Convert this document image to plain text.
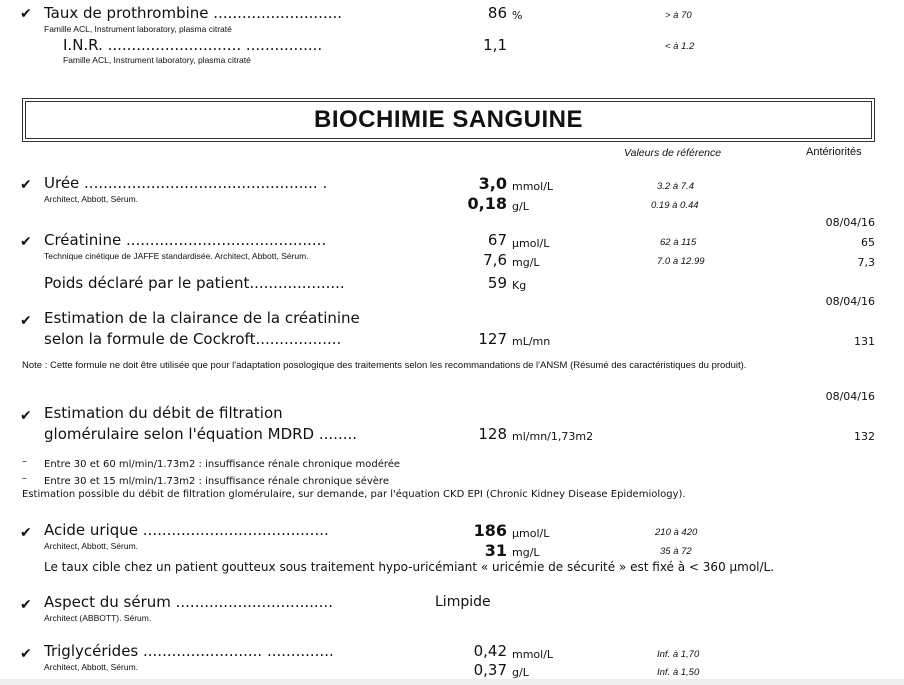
✔ Taux de prothrombine ...........................
Famille ACL, Instrument laboratory, plasma citraté
86 %	> à 70
I.N.R. ............................ ................
Famille ACL, Instrument laboratory, plasma citraté
1,1	< à 1.2
BIOCHIMIE SANGUINE
Valeurs de référence	Antériorités
✔ Urée ................................................. .
Architect, Abbott, Sérum.
3,0 mmol/L	3.2 à 7.4
0,18 g/L	0.19 à 0.44
08/04/16
✔ Créatinine ..........................................
Technique cinétique de JAFFE standardisée. Architect, Abbott, Sérum.
67 µmol/L	62 à 115	65
7,6 mg/L	7.0 à 12.99	7,3
Poids déclaré par le patient....................	59 Kg
08/04/16
✔ Estimation de la clairance de la créatinine
selon la formule de Cockroft..................	127 mL/mn	131
Note : Cette formule ne doit être utilisée que pour l'adaptation posologique des traitements selon les recommandations de l'ANSM (Résumé des caractéristiques du produit).
08/04/16
✔ Estimation du débit de filtration
glomérulaire selon l'équation MDRD ........	128 ml/mn/1,73m2	132
– Entre 30 et 60 ml/min/1.73m2 : insuffisance rénale chronique modérée
– Entre 30 et 15 ml/min/1.73m2 : insuffisance rénale chronique sévère
Estimation possible du débit de filtration glomérulaire, sur demande, par l'équation CKD EPI (Chronic Kidney Disease Epidemiology).
✔ Acide urique .......................................
Architect, Abbott, Sérum.
186 µmol/L	210 à 420
31 mg/L	35 à 72
Le taux cible chez un patient goutteux sous traitement hypo-uricémiant « uricémie de sécurité » est fixé à < 360 µmol/L.
✔ Aspect du sérum .................................
Architect (ABBOTT). Sérum.
Limpide
✔ Triglycérides ......................... ..............
Architect, Abbott, Sérum.
0,42 mmol/L	Inf. à 1,70
0,37 g/L	Inf. à 1,50
